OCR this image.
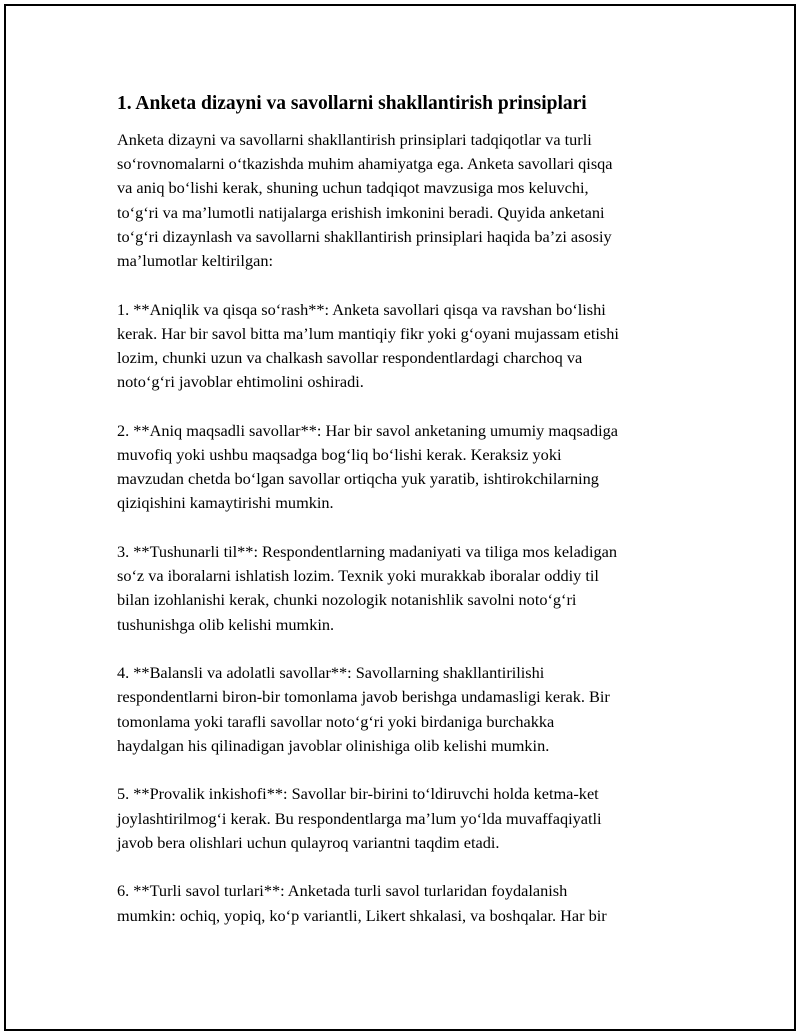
1. Anketa dizayni va savollarni shakllantirish prinsiplari

Anketa dizayni va savollarni shakllantirish prinsiplari tadqiqotlar va turli
so‘rovnomalarni o‘tkazishda muhim ahamiyatga ega. Anketa savollari qisqa
va aniq bo‘lishi kerak, shuning uchun tadqiqot mavzusiga mos keluvchi,
to‘g‘ri va ma’lumotli natijalarga erishish imkonini beradi. Quyida anketani
to‘g‘ri dizaynlash va savollarni shakllantirish prinsiplari haqida ba’zi asosiy
ma’lumotlar keltirilgan:

1. **Aniqlik va qisqa so‘rash**: Anketa savollari qisqa va ravshan bo‘lishi
kerak. Har bir savol bitta ma’lum mantiqiy fikr yoki g‘oyani mujassam etishi
lozim, chunki uzun va chalkash savollar respondentlardagi charchoq va
noto‘g‘ri javoblar ehtimolini oshiradi.

2. **Aniq maqsadli savollar**: Har bir savol anketaning umumiy maqsadiga
muvofiq yoki ushbu maqsadga bog‘liq bo‘lishi kerak. Keraksiz yoki
mavzudan chetda bo‘lgan savollar ortiqcha yuk yaratib, ishtirokchilarning
qiziqishini kamaytirishi mumkin.

3. **Tushunarli til**: Respondentlarning madaniyati va tiliga mos keladigan
so‘z va iboralarni ishlatish lozim. Texnik yoki murakkab iboralar oddiy til
bilan izohlanishi kerak, chunki nozologik notanishlik savolni noto‘g‘ri
tushunishga olib kelishi mumkin.

4. **Balansli va adolatli savollar**: Savollarning shakllantirilishi
respondentlarni biron-bir tomonlama javob berishga undamasligi kerak. Bir
tomonlama yoki tarafli savollar noto‘g‘ri yoki birdaniga burchakka
haydalgan his qilinadigan javoblar olinishiga olib kelishi mumkin.

5. **Provalik inkishofi**: Savollar bir-birini to‘ldiruvchi holda ketma-ket
joylashtirilmog‘i kerak. Bu respondentlarga ma’lum yo‘lda muvaffaqiyatli
javob bera olishlari uchun qulayroq variantni taqdim etadi.

6. **Turli savol turlari**: Anketada turli savol turlaridan foydalanish
mumkin: ochiq, yopiq, ko‘p variantli, Likert shkalasi, va boshqalar. Har bir
